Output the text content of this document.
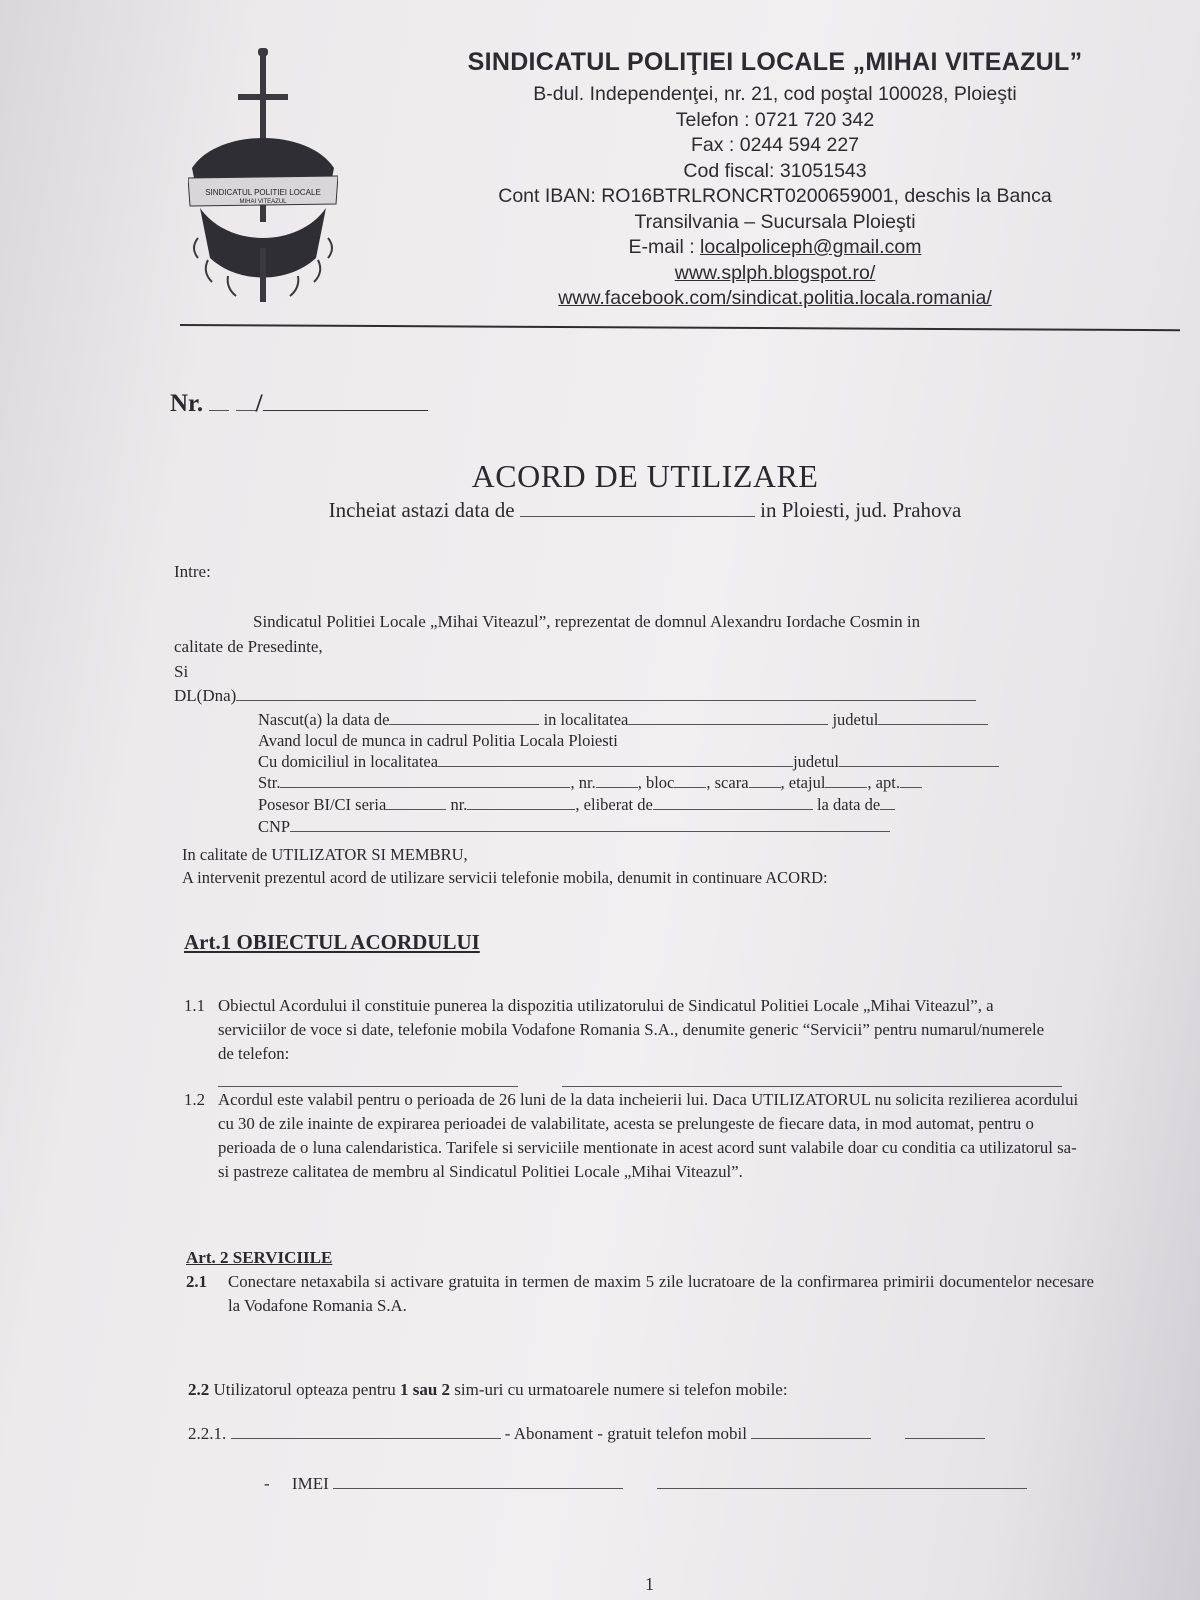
SINDICATUL POLITIEI LOCALE
MIHAI VITEAZUL
SINDICATUL POLIŢIEI LOCALE „MIHAI VITEAZUL”
B-dul. Independenţei, nr. 21, cod poştal 100028, Ploieşti
Telefon : 0721 720 342
Fax : 0244 594 227
Cod fiscal: 31051543
Cont IBAN: RO16BTRLRONCRT0200659001, deschis la Banca
Transilvania – Sucursala Ploieşti
E-mail : localpoliceph@gmail.com
www.splph.blogspot.ro/
www.facebook.com/sindicat.politia.locala.romania/
Nr. /
ACORD DE UTILIZARE
Incheiat astazi data de	in Ploiesti, jud. Prahova
Intre:
Sindicatul Politiei Locale „Mihai Viteazul”, reprezentat de domnul Alexandru Iordache Cosmin in
calitate de Presedinte,
Si
DL(Dna)
Nascut(a) la data de	in localitatea	judetul
Avand locul de munca in cadrul Politia Locala Ploiesti
Cu domiciliul in localitatea	judetul
Str.	, nr.	, bloc , scara , etajul	, apt.
Posesor BI/CI seria	nr.	, eliberat de	la data de
CNP
In calitate de UTILIZATOR SI MEMBRU,
A intervenit prezentul acord de utilizare servicii telefonie mobila, denumit in continuare ACORD:
Art.1 OBIECTUL ACORDULUI
1.1 Obiectul Acordului il constituie punerea la dispozitia utilizatorului de Sindicatul Politiei Locale „Mihai Viteazul”, a serviciilor de voce si date, telefonie mobila Vodafone Romania S.A., denumite generic “Servicii” pentru numarul/numerele de telefon:

1.2 Acordul este valabil pentru o perioada de 26 luni de la data incheierii lui. Daca UTILIZATORUL nu solicita rezilierea acordului cu 30 de zile inainte de expirarea perioadei de valabilitate, acesta se prelungeste de fiecare data, in mod automat, pentru o perioada de o luna calendaristica. Tarifele si serviciile mentionate in acest acord sunt valabile doar cu conditia ca utilizatorul sa-si pastreze calitatea de membru al Sindicatul Politiei Locale „Mihai Viteazul”.
Art. 2 SERVICIILE
2.1 Conectare netaxabila si activare gratuita in termen de maxim 5 zile lucratoare de la confirmarea primirii documentelor necesare la Vodafone Romania S.A.
2.2 Utilizatorul opteaza pentru 1 sau 2 sim-uri cu urmatoarele numere si telefon mobile:
2.2.1.	- Abonament - gratuit telefon mobil
- IMEI
1
